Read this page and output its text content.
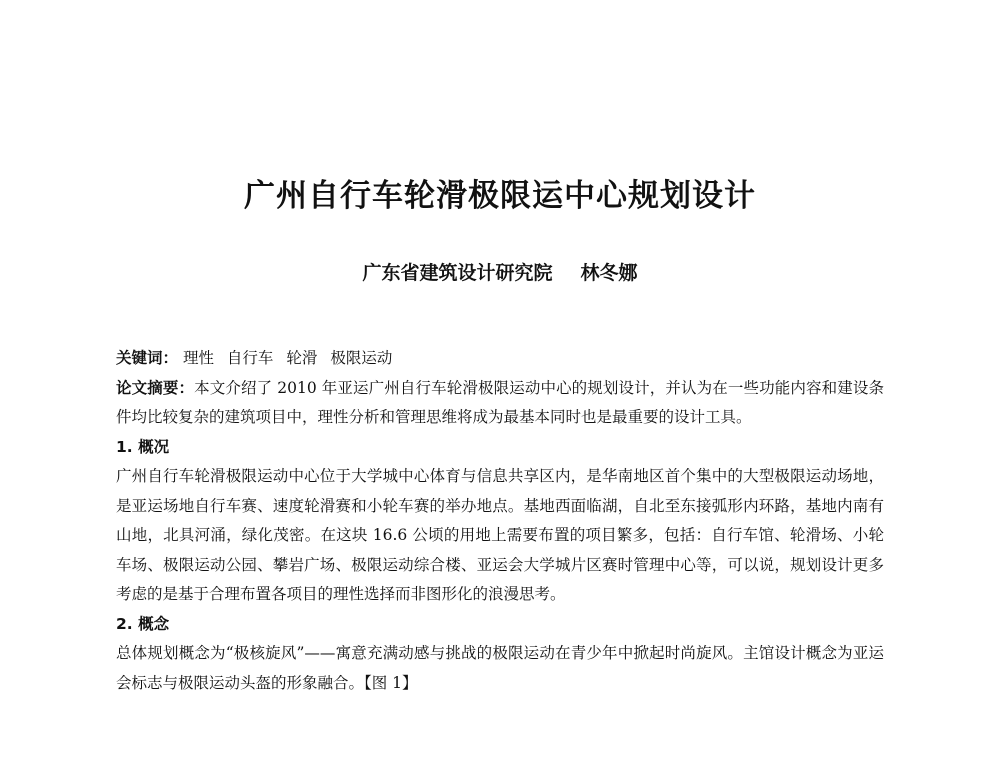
广州自行车轮滑极限运中心规划设计
广东省建筑设计研究院 林冬娜

关键词： 理性 自行车 轮滑 极限运动

论文摘要：本文介绍了 2010 年亚运广州自行车轮滑极限运动中心的规划设计，并认为在一些功能内容和建设条件均比较复杂的建筑项目中，理性分析和管理思维将成为最基本同时也是最重要的设计工具。

1. 概况

广州自行车轮滑极限运动中心位于大学城中心体育与信息共享区内，是华南地区首个集中的大型极限运动场地，是亚运场地自行车赛、速度轮滑赛和小轮车赛的举办地点。基地西面临湖，自北至东接弧形内环路，基地内南有山地，北具河涌，绿化茂密。在这块 16.6 公顷的用地上需要布置的项目繁多，包括：自行车馆、轮滑场、小轮车场、极限运动公园、攀岩广场、极限运动综合楼、亚运会大学城片区赛时管理中心等，可以说，规划设计更多考虑的是基于合理布置各项目的理性选择而非图形化的浪漫思考。

2. 概念

总体规划概念为“极核旋风”——寓意充满动感与挑战的极限运动在青少年中掀起时尚旋风。主馆设计概念为亚运会标志与极限运动头盔的形象融合。【图 1】
